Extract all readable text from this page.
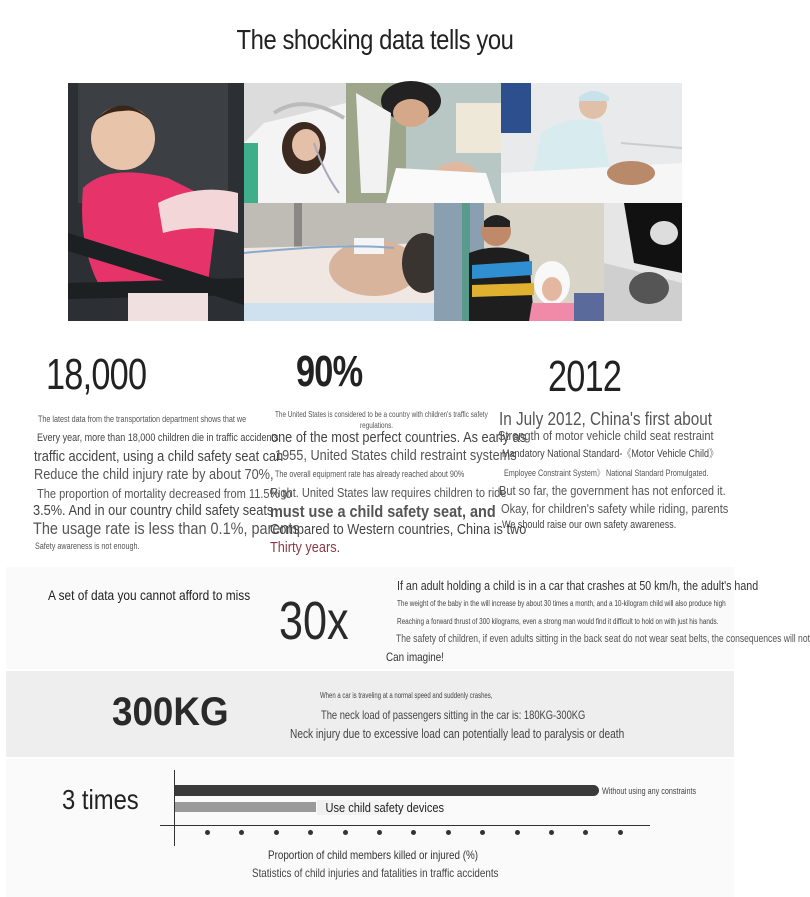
The shocking data tells you
18,000
The latest data from the transportation department shows that we
Every year, more than 18,000 children die in traffic accidents.
traffic accident, using a child safety seat can
Reduce the child injury rate by about 70%,
The proportion of mortality decreased from 11.5% to
3.5%. And in our country child safety seats
The usage rate is less than 0.1%, parents
Safety awareness is not enough.
90%
The United States is considered to be a country with children's traffic safety
regulations.
one of the most perfect countries. As early as
1955, United States child restraint systems
The overall equipment rate has already reached about 90%
Right. United States law requires children to ride
must use a child safety seat, and
Compared to Western countries, China is two
Thirty years.
2012
In July 2012, China's first about
Strength of motor vehicle child seat restraint
Mandatory National Standard-《Motor Vehicle Child》
Employee Constraint System》 National Standard Promulgated.
But so far, the government has not enforced it.
Okay, for children's safety while riding, parents
We should raise our own safety awareness.
A set of data you cannot afford to miss 30x
If an adult holding a child is in a car that crashes at 50 km/h, the adult's hand
The weight of the baby in the will increase by about 30 times a month, and a 10-kilogram child will also produce high
Reaching a forward thrust of 300 kilograms, even a strong man would find it difficult to hold on with just his hands.
The safety of children, if even adults sitting in the back seat do not wear seat belts, the consequences will not
Can imagine!
300KG	When a car is traveling at a normal speed and suddenly crashes,
The neck load of passengers sitting in the car is: 180KG-300KG
Neck injury due to excessive load can potentially lead to paralysis or death
3 times	Without using any constraints
Use child safety devices
Proportion of child members killed or injured (%)
Statistics of child injuries and fatalities in traffic accidents
